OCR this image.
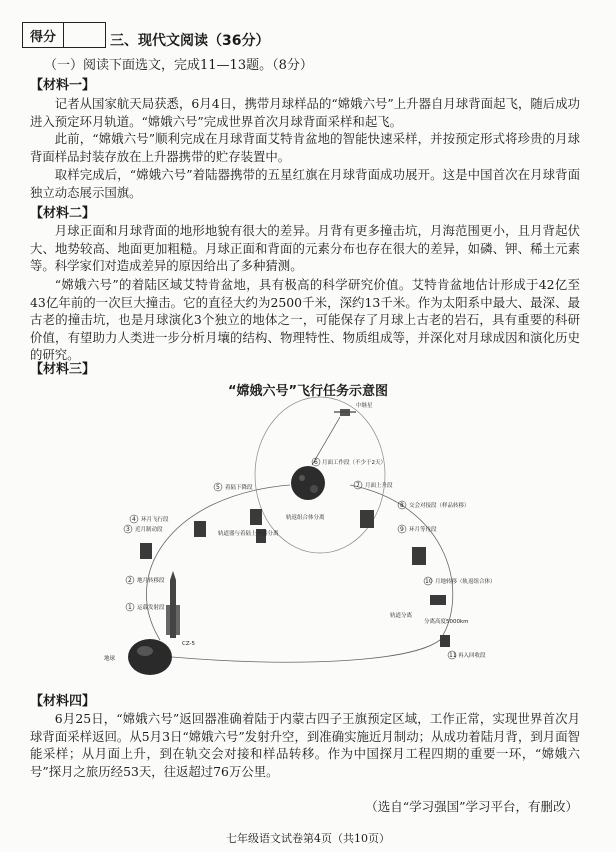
得分	三、现代文阅读（36分）
（一）阅读下面选文，完成11—13题。（8分）
【材料一】

记者从国家航天局获悉，6月4日，携带月球样品的“嫦娥六号”上升器自月球背面起飞，随后成功进入预定环月轨道。“嫦娥六号”完成世界首次月球背面采样和起飞。

此前，“嫦娥六号”顺利完成在月球背面艾特肯盆地的智能快速采样，并按预定形式将珍贵的月球背面样品封装存放在上升器携带的贮存装置中。

取样完成后，“嫦娥六号”着陆器携带的五星红旗在月球背面成功展开。这是中国首次在月球背面独立动态展示国旗。

【材料二】

月球正面和月球背面的地形地貌有很大的差异。月背有更多撞击坑，月海范围更小，且月背起伏大、地势较高、地面更加粗糙。月球正面和背面的元素分布也存在很大的差异，如磷、钾、稀土元素等。科学家们对造成差异的原因给出了多种猜测。

“嫦娥六号”的着陆区域艾特肯盆地，具有极高的科学研究价值。艾特肯盆地估计形成于42亿至43亿年前的一次巨大撞击。它的直径大约为2500千米，深约13千米。作为太阳系中最大、最深、最古老的撞击坑，也是月球演化3个独立的地体之一，可能保存了月球上古老的岩石，具有重要的科研价值，有望助力人类进一步分析月壤的结构、物理特性、物质组成等，并深化对月球成因和演化历史的研究。

【材料三】
“嫦娥六号”飞行任务示意图
地球
CZ-5
中继星
1 运载发射段
2 地月转移段
3 近月制动段
4 环月飞行段
5 着陆下降段
6 月面工作段（不少于2天）
7 月面上升段
8 交会对接段（样品转移）
9 环月等待段
10 月地转移（轨返组合体）
11 再入回收段
轨道器与着陆上升器分离
轨返组合体分离
轨道分离
分离高度5000km
【材料四】

6月25日，“嫦娥六号”返回器准确着陆于内蒙古四子王旗预定区域，工作正常，实现世界首次月球背面采样返回。从5月3日“嫦娥六号”发射升空，到准确实施近月制动；从成功着陆月背，到月面智能采样；从月面上升，到在轨交会对接和样品转移。作为中国探月工程四期的重要一环，“嫦娥六号”探月之旅历经53天，往返超过76万公里。

（选自“学习强国”学习平台，有删改）
七年级语文试卷第4页（共10页）
